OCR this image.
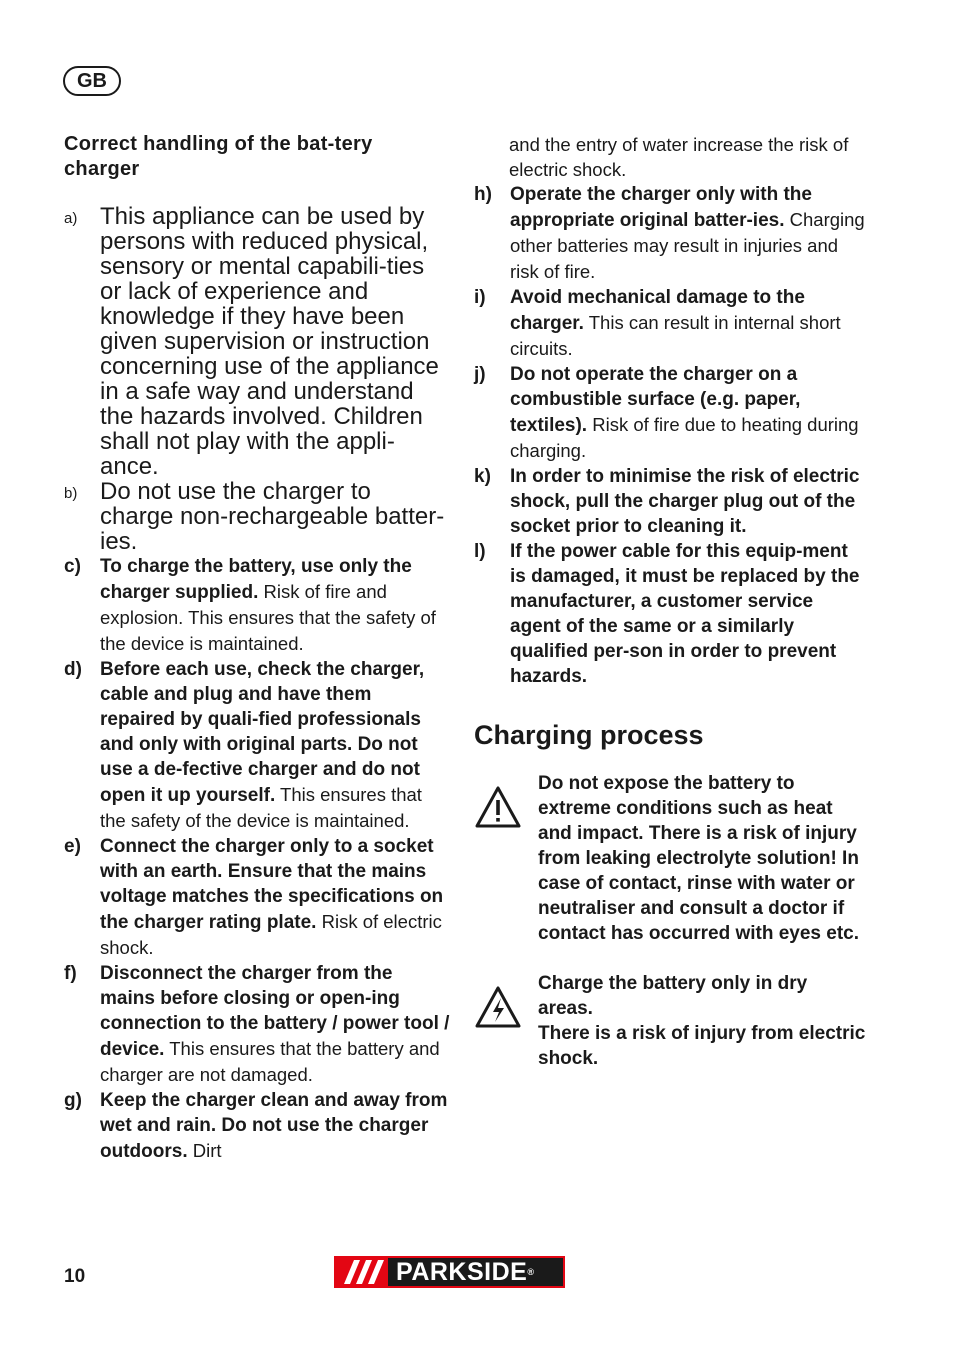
GB
Correct handling of the bat-tery charger
a) This appliance can be used by persons with reduced physical, sensory or mental capabili-ties or lack of experience and knowledge if they have been given supervision or instruction concerning use of the appliance in a safe way and understand the hazards involved. Children shall not play with the appli-ance.
b) Do not use the charger to charge non-rechargeable batter-ies.
c)	To charge the battery, use only the charger supplied. Risk of fire and explosion. This ensures that the safety of the device is maintained.
d) Before each use, check the charger, cable and plug and have them repaired by quali-fied professionals and only with original parts. Do not use a de-fective charger and do not open it up yourself. This ensures that the safety of the device is maintained.
e)	Connect the charger only to a socket with an earth. Ensure that the mains voltage matches the specifications on the charger rating plate. Risk of electric shock.
f)	Disconnect the charger from the mains before closing or open-ing connection to the battery / power tool / device. This ensures that the battery and charger are not damaged.
g) Keep the charger clean and away from wet and rain. Do not use the charger outdoors. Dirt
and the entry of water increase the risk of electric shock.
h) Operate the charger only with the appropriate original batter-ies. Charging other batteries may result in injuries and risk of fire.
i)	Avoid mechanical damage to the charger. This can result in internal short circuits.
j)	Do not operate the charger on a combustible surface (e.g. paper, textiles). Risk of fire due to heating during charging.
k)	In order to minimise the risk of electric shock, pull the charger plug out of the socket prior to cleaning it.
l)	If the power cable for this equip-ment is damaged, it must be replaced by the manufacturer, a customer service agent of the same or a similarly qualified per-son in order to prevent hazards.
Charging process
Do not expose the battery to extreme conditions such as heat and impact. There is a risk of injury from leaking electrolyte solution! In case of contact, rinse with water or neutraliser and consult a doctor if contact has occurred with eyes etc.
Charge the battery only in dry areas.
There is a risk of injury from electric shock.
10	PARKSIDE®
